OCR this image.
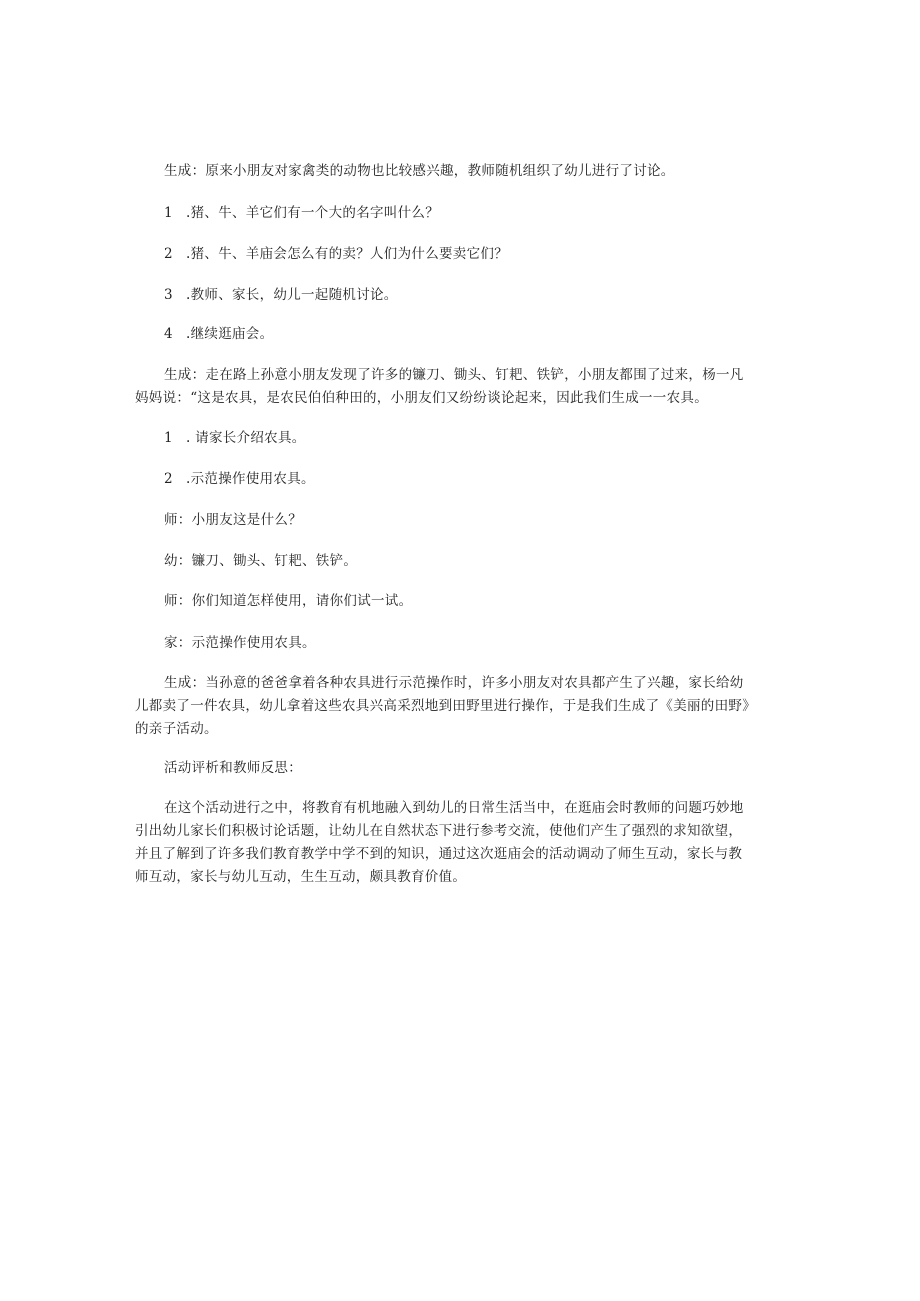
生成：原来小朋友对家禽类的动物也比较感兴趣，教师随机组织了幼儿进行了讨论。
1 .猪、牛、羊它们有一个大的名字叫什么？
2 .猪、牛、羊庙会怎么有的卖？人们为什么要卖它们？
3 .教师、家长，幼儿一起随机讨论。
4 .继续逛庙会。
生成：走在路上孙意小朋友发现了许多的镰刀、锄头、钉耙、铁铲，小朋友都围了过来，杨一凡
妈妈说：“这是农具，是农民伯伯种田的，小朋友们又纷纷谈论起来，因此我们生成一一农具。
1 . 请家长介绍农具。
2 .示范操作使用农具。
师：小朋友这是什么？
幼：镰刀、锄头、钉耙、铁铲。
师：你们知道怎样使用，请你们试一试。
家：示范操作使用农具。
生成：当孙意的爸爸拿着各种农具进行示范操作时，许多小朋友对农具都产生了兴趣，家长给幼
儿都卖了一件农具，幼儿拿着这些农具兴高采烈地到田野里进行操作，于是我们生成了《美丽的田野》
的亲子活动。
活动评析和教师反思：
在这个活动进行之中，将教育有机地融入到幼儿的日常生活当中，在逛庙会时教师的问题巧妙地
引出幼儿家长们积极讨论话题，让幼儿在自然状态下进行参考交流，使他们产生了强烈的求知欲望，
并且了解到了许多我们教育教学中学不到的知识，通过这次逛庙会的活动调动了师生互动，家长与教
师互动，家长与幼儿互动，生生互动，颇具教育价值。
